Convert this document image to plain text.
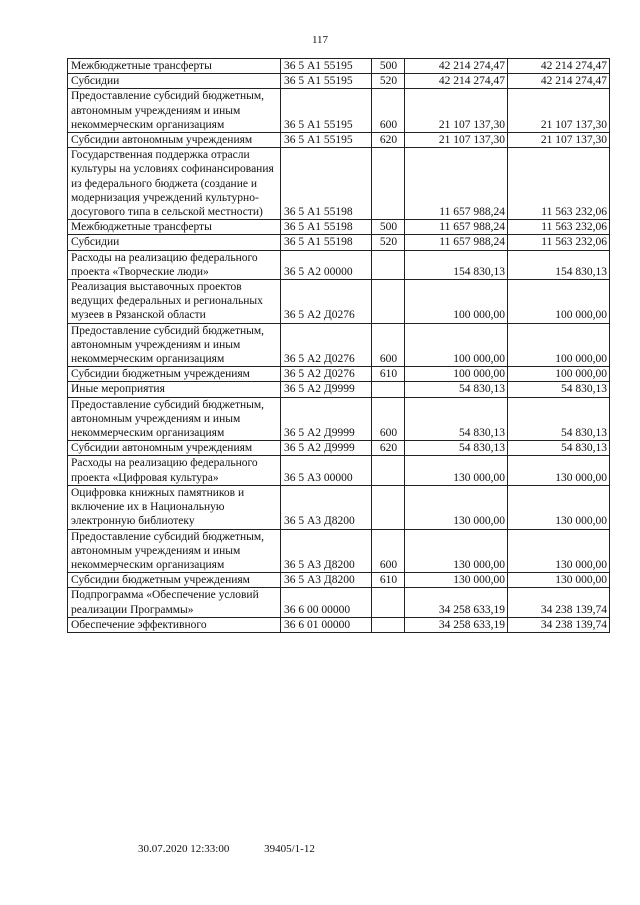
117
Межбюджетные трансферты	36 5 А1 55195	500	42 214 274,47	42 214 274,47
Субсидии	36 5 А1 55195	520	42 214 274,47	42 214 274,47
Предоставление субсидий бюджетным, автономным учреждениям и иным некоммерческим организациям	36 5 А1 55195	600	21 107 137,30	21 107 137,30
Субсидии автономным учреждениям	36 5 А1 55195	620	21 107 137,30	21 107 137,30
Государственная поддержка отрасли культуры на условиях софинансирования из федерального бюджета (создание и модернизация учреждений культурно-досугового типа в сельской местности)	36 5 А1 55198		11 657 988,24	11 563 232,06
Межбюджетные трансферты	36 5 А1 55198	500	11 657 988,24	11 563 232,06
Субсидии	36 5 А1 55198	520	11 657 988,24	11 563 232,06
Расходы на реализацию федерального проекта «Творческие люди»	36 5 А2 00000		154 830,13	154 830,13
Реализация выставочных проектов ведущих федеральных и региональных музеев в Рязанской области	36 5 А2 Д0276		100 000,00	100 000,00
Предоставление субсидий бюджетным, автономным учреждениям и иным некоммерческим организациям	36 5 А2 Д0276	600	100 000,00	100 000,00
Субсидии бюджетным учреждениям	36 5 А2 Д0276	610	100 000,00	100 000,00
Иные мероприятия	36 5 А2 Д9999		54 830,13	54 830,13
Предоставление субсидий бюджетным, автономным учреждениям и иным некоммерческим организациям	36 5 А2 Д9999	600	54 830,13	54 830,13
Субсидии автономным учреждениям	36 5 А2 Д9999	620	54 830,13	54 830,13
Расходы на реализацию федерального проекта «Цифровая культура»	36 5 А3 00000		130 000,00	130 000,00
Оцифровка книжных памятников и включение их в Национальную электронную библиотеку	36 5 А3 Д8200		130 000,00	130 000,00
Предоставление субсидий бюджетным, автономным учреждениям и иным некоммерческим организациям	36 5 А3 Д8200	600	130 000,00	130 000,00
Субсидии бюджетным учреждениям	36 5 А3 Д8200	610	130 000,00	130 000,00
Подпрограмма «Обеспечение условий реализации Программы»	36 6 00 00000		34 258 633,19	34 238 139,74
Обеспечение эффективного	36 6 01 00000		34 258 633,19	34 238 139,74
30.07.2020 12:33:00	39405/1-12
